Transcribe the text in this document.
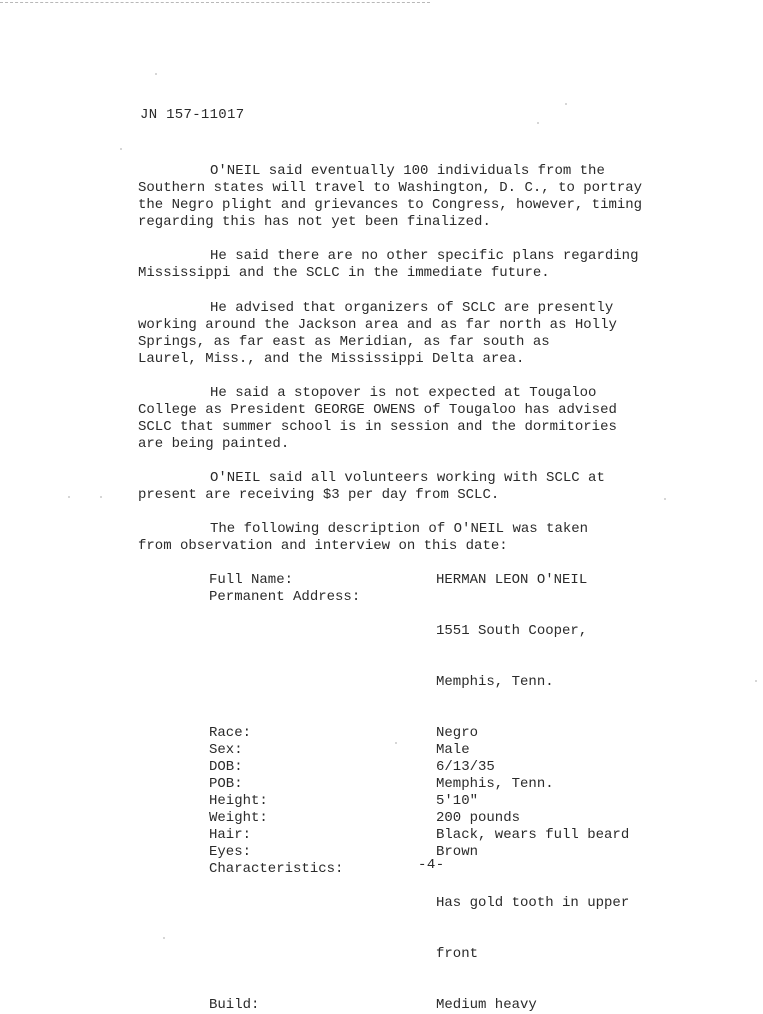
JN 157-11017

O'NEIL said eventually 100 individuals from the
Southern states will travel to Washington, D. C., to portray
the Negro plight and grievances to Congress, however, timing
regarding this has not yet been finalized.

He said there are no other specific plans regarding
Mississippi and the SCLC in the immediate future.

He advised that organizers of SCLC are presently
working around the Jackson area and as far north as Holly
Springs, as far east as Meridian, as far south as
Laurel, Miss., and the Mississippi Delta area.

He said a stopover is not expected at Tougaloo
College as President GEORGE OWENS of Tougaloo has advised
SCLC that summer school is in session and the dormitories
are being painted.

O'NEIL said all volunteers working with SCLC at
present are receiving $3 per day from SCLC.

The following description of O'NEIL was taken
from observation and interview on this date:

Full Name:	HERMAN LEON O'NEIL
Permanent Address:	1551 South Cooper,

Memphis, Tenn.

Race:	Negro
Sex:	Male
DOB:	6/13/35
POB:	Memphis, Tenn.
Height:	5'10"
Weight:	200 pounds
Hair:	Black, wears full beard
Eyes:	Brown
Characteristics:	Has gold tooth in upper

front

Build:	Medium heavy
-4-
